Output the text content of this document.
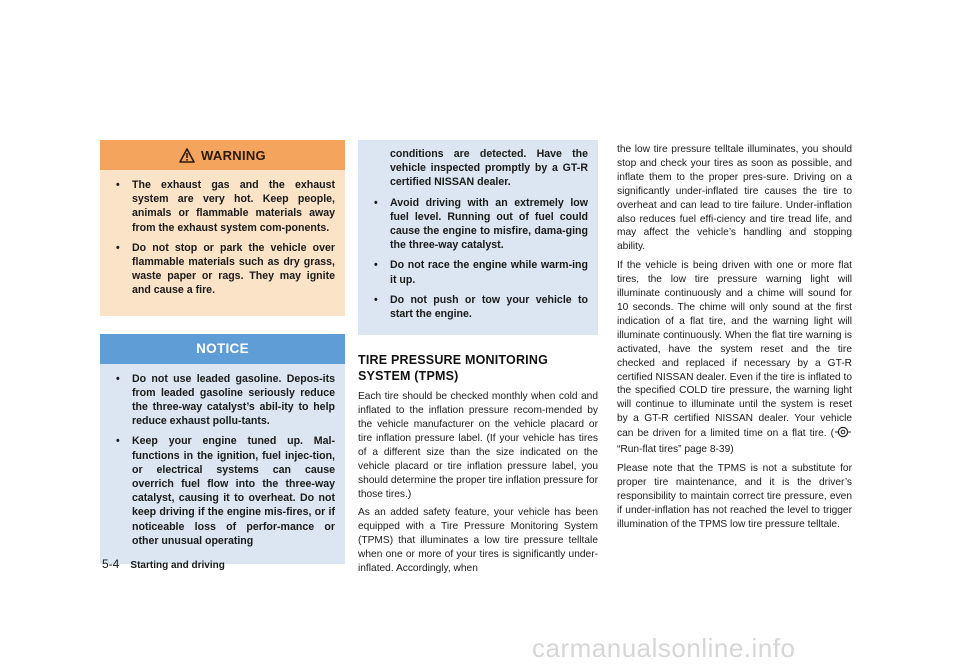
WARNING
• The exhaust gas and the exhaust system are very hot. Keep people, animals or flammable materials away from the exhaust system com-ponents.
• Do not stop or park the vehicle over flammable materials such as dry grass, waste paper or rags. They may ignite and cause a fire.
NOTICE
• Do not use leaded gasoline. Depos-its from leaded gasoline seriously reduce the three-way catalyst’s abil-ity to help reduce exhaust pollu-tants.
• Keep your engine tuned up. Mal-functions in the ignition, fuel injec-tion, or electrical systems can cause overrich fuel flow into the three-way catalyst, causing it to overheat. Do not keep driving if the engine mis-fires, or if noticeable loss of perfor-mance or other unusual operating
conditions are detected. Have the vehicle inspected promptly by a GT-R certified NISSAN dealer.
• Avoid driving with an extremely low fuel level. Running out of fuel could cause the engine to misfire, dama-ging the three-way catalyst.
• Do not race the engine while warm-ing it up.
• Do not push or tow your vehicle to start the engine.
TIRE PRESSURE MONITORING SYSTEM (TPMS)

Each tire should be checked monthly when cold and inflated to the inflation pressure recom-mended by the vehicle manufacturer on the vehicle placard or tire inflation pressure label. (If your vehicle has tires of a different size than the size indicated on the vehicle placard or tire inflation pressure label, you should determine the proper tire inflation pressure for those tires.)

As an added safety feature, your vehicle has been equipped with a Tire Pressure Monitoring System (TPMS) that illuminates a low tire pressure telltale when one or more of your tires is significantly under-inflated. Accordingly, when

the low tire pressure telltale illuminates, you should stop and check your tires as soon as possible, and inflate them to the proper pres-sure. Driving on a significantly under-inflated tire causes the tire to overheat and can lead to tire failure. Under-inflation also reduces fuel effi-ciency and tire tread life, and may affect the vehicle’s handling and stopping ability.

If the vehicle is being driven with one or more flat tires, the low tire pressure warning light will illuminate continuously and a chime will sound for 10 seconds. The chime will only sound at the first indication of a flat tire, and the warning light will illuminate continuously. When the flat tire warning is activated, have the system reset and the tire checked and replaced if necessary by a GT-R certified NISSAN dealer. Even if the tire is inflated to the specified COLD tire pressure, the warning light will continue to illuminate until the system is reset by a GT-R certified NISSAN dealer. Your vehicle can be driven for a limited time on a flat tire. (“Run-flat tires” page 8-39)

Please note that the TPMS is not a substitute for proper tire maintenance, and it is the driver’s responsibility to maintain correct tire pressure, even if under-inflation has not reached the level to trigger illumination of the TPMS low tire pressure telltale.

5-4 Starting and driving
carmanualsonline.info
